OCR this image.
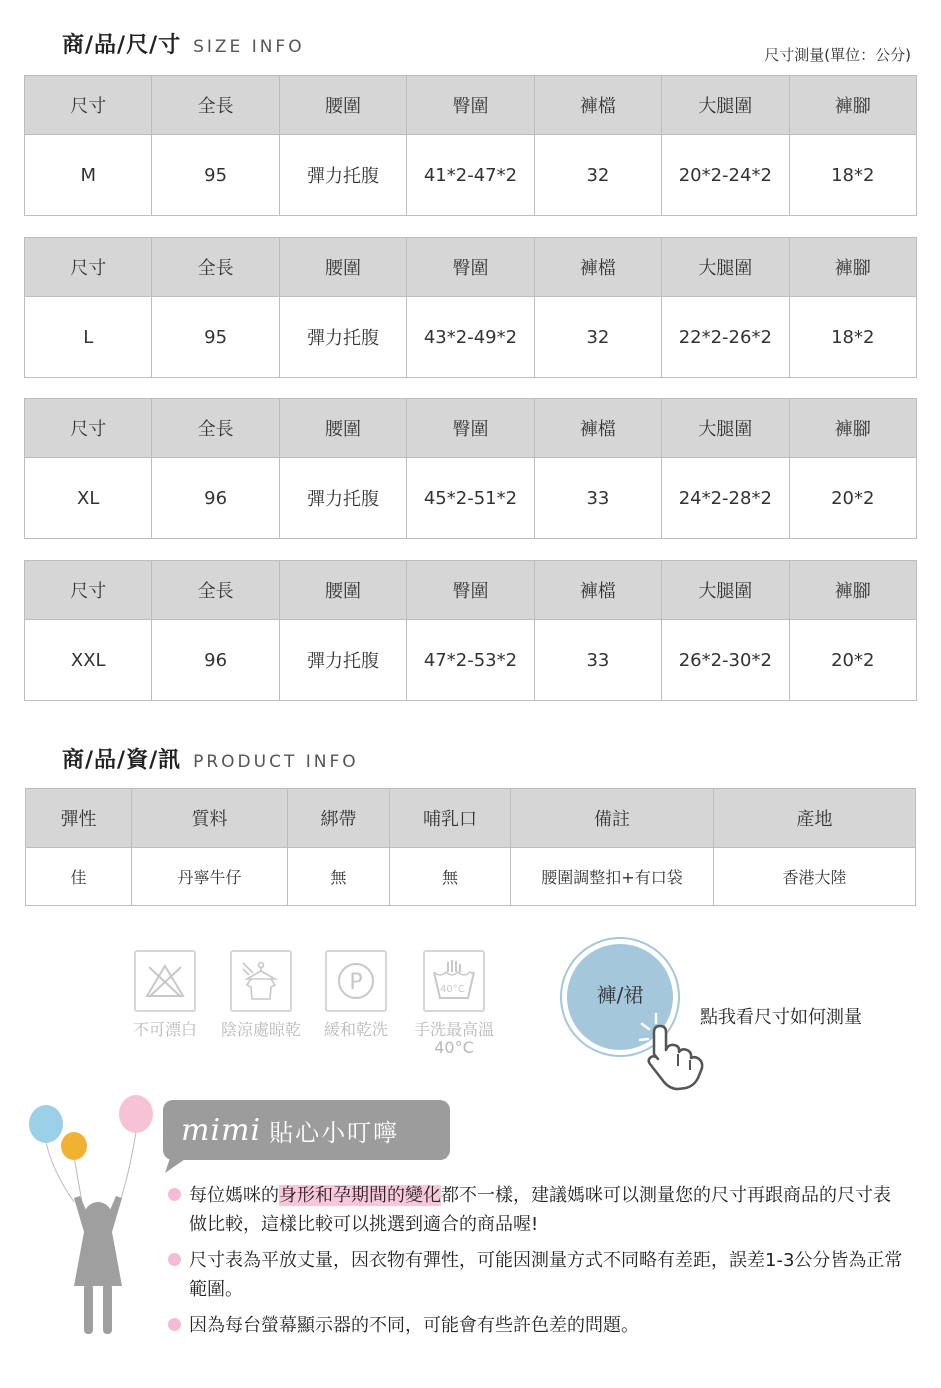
商/品/尺/寸 SIZE INFO	尺寸測量(單位：公分)
尺寸	全長	腰圍	臀圍	褲檔	大腿圍	褲腳
M	95	彈力托腹	41*2-47*2	32	20*2-24*2	18*2
尺寸	全長	腰圍	臀圍	褲檔	大腿圍	褲腳
L	95	彈力托腹	43*2-49*2	32	22*2-26*2	18*2
尺寸	全長	腰圍	臀圍	褲檔	大腿圍	褲腳
XL	96	彈力托腹	45*2-51*2	33	24*2-28*2	20*2
尺寸	全長	腰圍	臀圍	褲檔	大腿圍	褲腳
XXL	96	彈力托腹	47*2-53*2	33	26*2-30*2	20*2
商/品/資/訊 PRODUCT INFO
彈性	質料	綁帶	哺乳口	備註	產地
佳	丹寧牛仔	無	無	腰圍調整扣+有口袋	香港大陸
不可漂白	陰涼處晾乾
P
緩和乾洗
40°C
手洗最高溫
40°C
褲/裙
點我看尺寸如何測量
mimi 貼心小叮嚀
每位媽咪的身形和孕期間的變化都不一樣，建議媽咪可以測量您的尺寸再跟商品的尺寸表做比較，這樣比較可以挑選到適合的商品喔!
尺寸表為平放丈量，因衣物有彈性，可能因測量方式不同略有差距，誤差1-3公分皆為正常範圍。
因為每台螢幕顯示器的不同，可能會有些許色差的問題。
